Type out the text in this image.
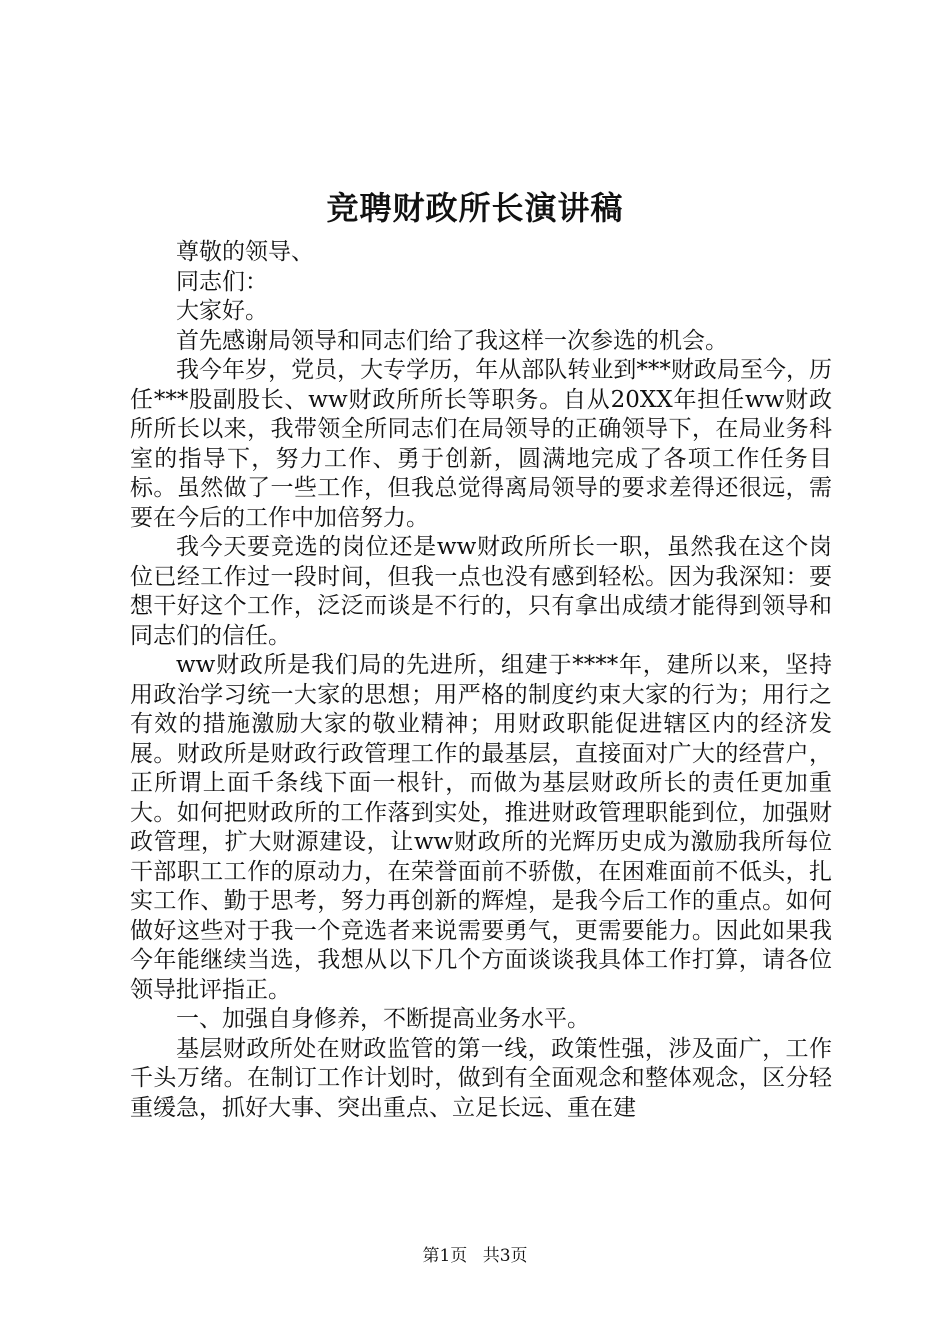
竞聘财政所长演讲稿

尊敬的领导、

同志们：

大家好。

首先感谢局领导和同志们给了我这样一次参选的机会。

我今年岁，党员，大专学历，年从部队转业到***财政局至今，历任***股副股长、ww财政所所长等职务。自从20XX年担任ww财政所所长以来，我带领全所同志们在局领导的正确领导下，在局业务科室的指导下，努力工作、勇于创新，圆满地完成了各项工作任务目标。虽然做了一些工作，但我总觉得离局领导的要求差得还很远，需要在今后的工作中加倍努力。

我今天要竞选的岗位还是ww财政所所长一职，虽然我在这个岗位已经工作过一段时间，但我一点也没有感到轻松。因为我深知：要想干好这个工作，泛泛而谈是不行的，只有拿出成绩才能得到领导和同志们的信任。

ww财政所是我们局的先进所，组建于****年，建所以来，坚持用政治学习统一大家的思想；用严格的制度约束大家的行为；用行之有效的措施激励大家的敬业精神；用财政职能促进辖区内的经济发展。财政所是财政行政管理工作的最基层，直接面对广大的经营户，正所谓上面千条线下面一根针，而做为基层财政所长的责任更加重大。如何把财政所的工作落到实处，推进财政管理职能到位，加强财政管理，扩大财源建设，让ww财政所的光辉历史成为激励我所每位干部职工工作的原动力，在荣誉面前不骄傲，在困难面前不低头，扎实工作、勤于思考，努力再创新的辉煌，是我今后工作的重点。如何做好这些对于我一个竞选者来说需要勇气，更需要能力。因此如果我今年能继续当选，我想从以下几个方面谈谈我具体工作打算，请各位领导批评指正。

一、加强自身修养，不断提高业务水平。

基层财政所处在财政监管的第一线，政策性强，涉及面广，工作千头万绪。在制订工作计划时，做到有全面观念和整体观念，区分轻重缓急，抓好大事、突出重点、立足长远、重在建

第1页 共3页
